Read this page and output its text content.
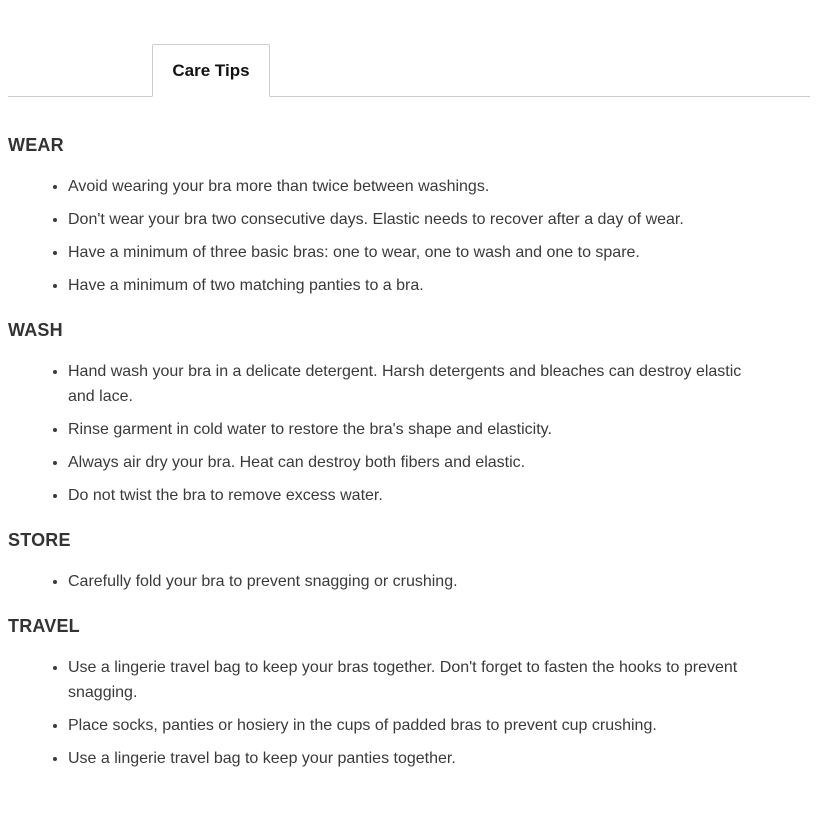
Care Tips
WEAR
• Avoid wearing your bra more than twice between washings.
• Don't wear your bra two consecutive days. Elastic needs to recover after a day of wear.
• Have a minimum of three basic bras: one to wear, one to wash and one to spare.
• Have a minimum of two matching panties to a bra.
WASH
• Hand wash your bra in a delicate detergent. Harsh detergents and bleaches can destroy elastic and lace.
• Rinse garment in cold water to restore the bra's shape and elasticity.
• Always air dry your bra. Heat can destroy both fibers and elastic.
• Do not twist the bra to remove excess water.
STORE
• Carefully fold your bra to prevent snagging or crushing.
TRAVEL
• Use a lingerie travel bag to keep your bras together. Don't forget to fasten the hooks to prevent snagging.
• Place socks, panties or hosiery in the cups of padded bras to prevent cup crushing.
• Use a lingerie travel bag to keep your panties together.
